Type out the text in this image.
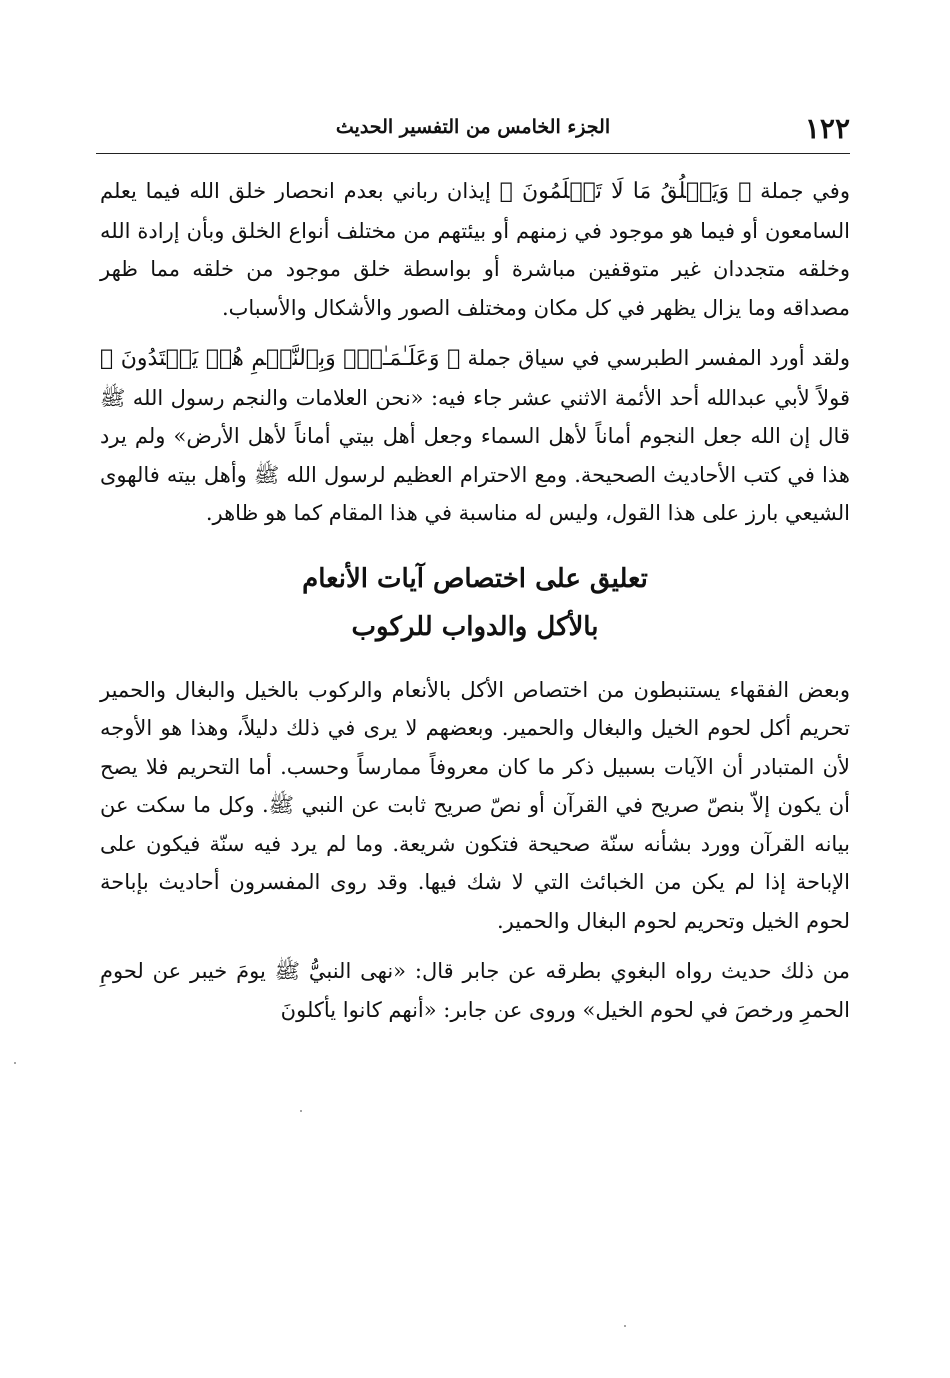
١٢٢
الجزء الخامس من التفسير الحديث

وفي جملة ﴿ وَيَخۡلُقُ مَا لَا تَعۡلَمُونَ ﴾ إيذان رباني بعدم انحصار خلق الله فيما يعلم السامعون أو فيما هو موجود في زمنهم أو بيئتهم من مختلف أنواع الخلق وبأن إرادة الله وخلقه متجددان غير متوقفين مباشرة أو بواسطة خلق موجود من خلقه مما ظهر مصداقه وما يزال يظهر في كل مكان ومختلف الصور والأشكال والأسباب.

ولقد أورد المفسر الطبرسي في سياق جملة ﴿ وَعَلَـٰمَـٰتٍۚ وَبِٱلنَّجۡمِ هُمۡ يَهۡتَدُونَ ﴾ قولاً لأبي عبدالله أحد الأئمة الاثني عشر جاء فيه: «نحن العلامات والنجم رسول الله ﷺ قال إن الله جعل النجوم أماناً لأهل السماء وجعل أهل بيتي أماناً لأهل الأرض» ولم يرد هذا في كتب الأحاديث الصحيحة. ومع الاحترام العظيم لرسول الله ﷺ وأهل بيته فالهوى الشيعي بارز على هذا القول، وليس له مناسبة في هذا المقام كما هو ظاهر.

تعليق على اختصاص آيات الأنعام

بالأكل والدواب للركوب

وبعض الفقهاء يستنبطون من اختصاص الأكل بالأنعام والركوب بالخيل والبغال والحمير تحريم أكل لحوم الخيل والبغال والحمير. وبعضهم لا يرى في ذلك دليلاً، وهذا هو الأوجه لأن المتبادر أن الآيات بسبيل ذكر ما كان معروفاً ممارساً وحسب. أما التحريم فلا يصح أن يكون إلاّ بنصّ صريح في القرآن أو نصّ صريح ثابت عن النبي ﷺ. وكل ما سكت عن بيانه القرآن وورد بشأنه سنّة صحيحة فتكون شريعة. وما لم يرد فيه سنّة فيكون على الإباحة إذا لم يكن من الخبائث التي لا شك فيها. وقد روى المفسرون أحاديث بإباحة لحوم الخيل وتحريم لحوم البغال والحمير.

من ذلك حديث رواه البغوي بطرقه عن جابر قال: «نهى النبيُّ ﷺ يومَ خيبر عن لحومِ الحمرِ ورخصَ في لحوم الخيل» وروى عن جابر: «أنهم كانوا يأكلونَ
